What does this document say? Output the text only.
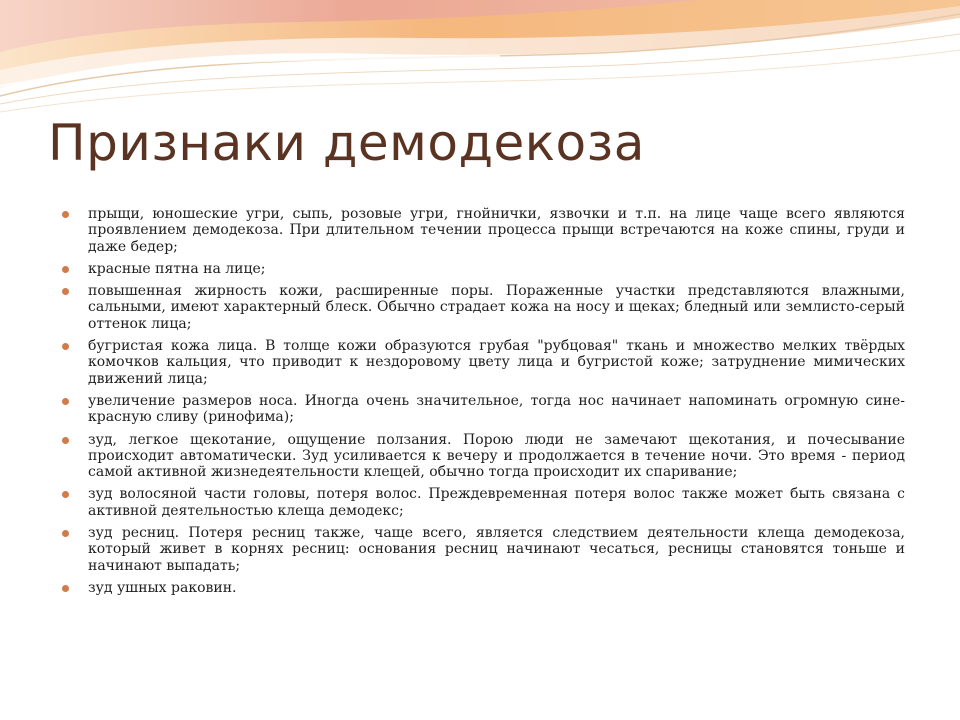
Признаки демодекоза
прыщи, юношеские угри, сыпь, розовые угри, гнойнички, язвочки и т.п. на лице чаще всего являются проявлением демодекоза. При длительном течении процесса прыщи встречаются на коже спины, груди и даже бедер;
красные пятна на лице;
повышенная жирность кожи, расширенные поры. Пораженные участки представляются влажными, сальными, имеют характерный блеск. Обычно страдает кожа на носу и щеках; бледный или землисто-серый оттенок лица;
бугристая кожа лица. В толще кожи образуются грубая "рубцовая" ткань и множество мелких твёрдых комочков кальция, что приводит к нездоровому цвету лица и бугристой коже; затруднение мимических движений лица;
увеличение размеров носа. Иногда очень значительное, тогда нос начинает напоминать огромную сине-красную сливу (ринофима);
зуд, легкое щекотание, ощущение ползания. Порою люди не замечают щекотания, и почесывание происходит автоматически. Зуд усиливается к вечеру и продолжается в течение ночи. Это время - период самой активной жизнедеятельности клещей, обычно тогда происходит их спаривание;
зуд волосяной части головы, потеря волос. Преждевременная потеря волос также может быть связана с активной деятельностью клеща демодекс;
зуд ресниц. Потеря ресниц также, чаще всего, является следствием деятельности клеща демодекоза, который живет в корнях ресниц: основания ресниц начинают чесаться, ресницы становятся тоньше и начинают выпадать;
зуд ушных раковин.
